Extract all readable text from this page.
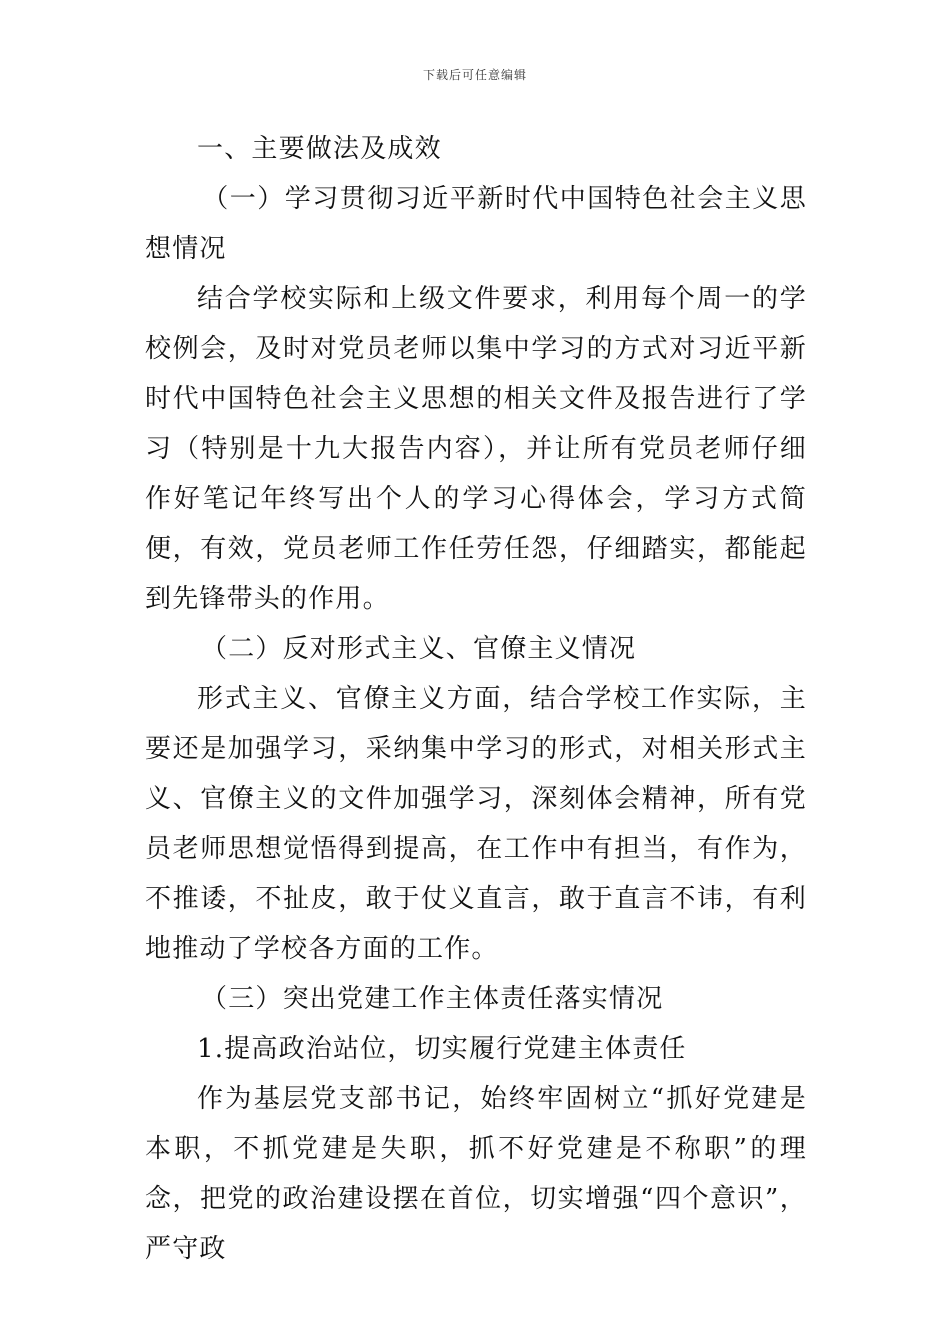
下载后可任意编辑

一、主要做法及成效

（一）学习贯彻习近平新时代中国特色社会主义思想情况

结合学校实际和上级文件要求，利用每个周一的学校例会，及时对党员老师以集中学习的方式对习近平新时代中国特色社会主义思想的相关文件及报告进行了学习（特别是十九大报告内容），并让所有党员老师仔细作好笔记年终写出个人的学习心得体会，学习方式简便，有效，党员老师工作任劳任怨，仔细踏实，都能起到先锋带头的作用。

（二）反对形式主义、官僚主义情况

形式主义、官僚主义方面，结合学校工作实际，主要还是加强学习，采纳集中学习的形式，对相关形式主义、官僚主义的文件加强学习，深刻体会精神，所有党员老师思想觉悟得到提高，在工作中有担当，有作为，不推诿，不扯皮，敢于仗义直言，敢于直言不讳，有利地推动了学校各方面的工作。

（三）突出党建工作主体责任落实情况

1.提高政治站位，切实履行党建主体责任

作为基层党支部书记，始终牢固树立“抓好党建是本职，不抓党建是失职，抓不好党建是不称职”的理念，把党的政治建设摆在首位，切实增强“四个意识”，严守政
